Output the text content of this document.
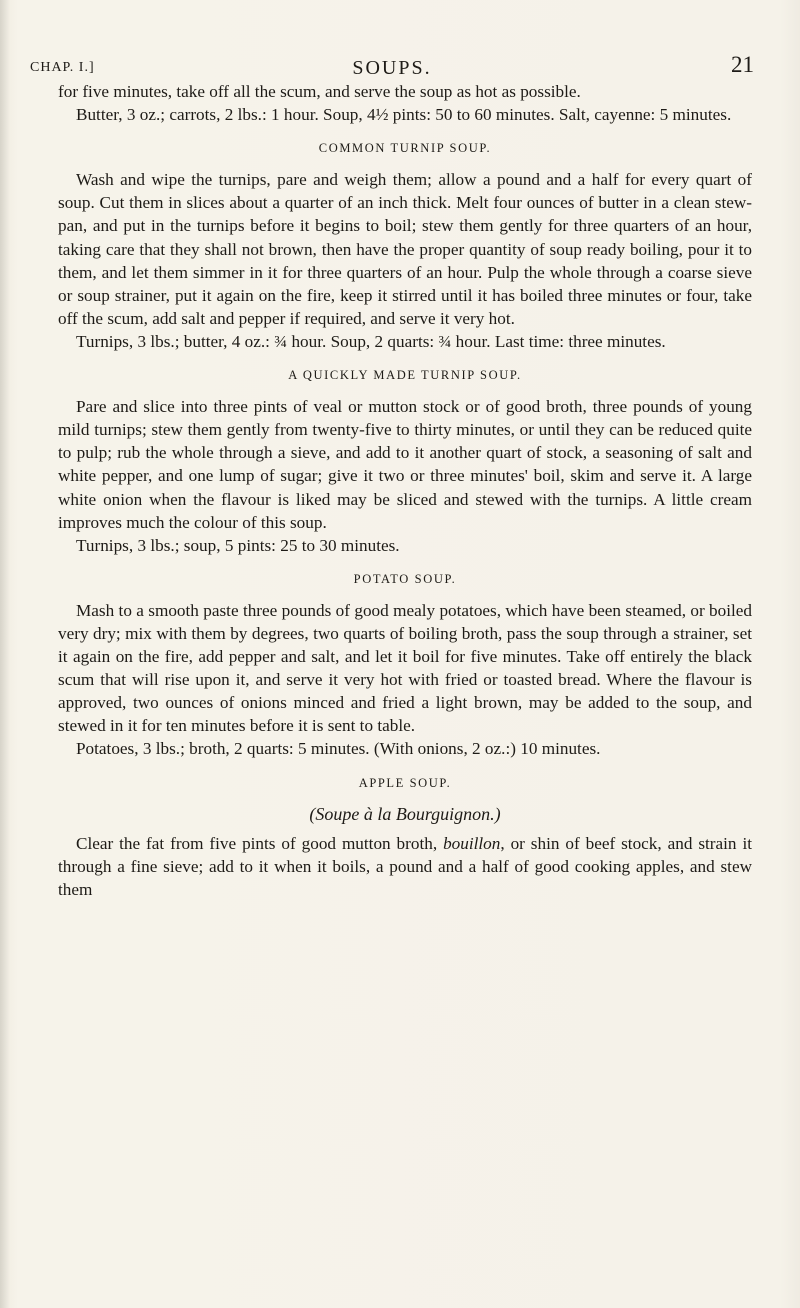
CHAP. I.]	SOUPS.	21

for five minutes, take off all the scum, and serve the soup as hot as possible.

Butter, 3 oz.; carrots, 2 lbs.: 1 hour. Soup, 4½ pints: 50 to 60 minutes. Salt, cayenne: 5 minutes.

COMMON TURNIP SOUP.

Wash and wipe the turnips, pare and weigh them; allow a pound and a half for every quart of soup. Cut them in slices about a quarter of an inch thick. Melt four ounces of butter in a clean stew-pan, and put in the turnips before it begins to boil; stew them gently for three quarters of an hour, taking care that they shall not brown, then have the proper quantity of soup ready boiling, pour it to them, and let them simmer in it for three quarters of an hour. Pulp the whole through a coarse sieve or soup strainer, put it again on the fire, keep it stirred until it has boiled three minutes or four, take off the scum, add salt and pepper if required, and serve it very hot.

Turnips, 3 lbs.; butter, 4 oz.: ¾ hour. Soup, 2 quarts: ¾ hour. Last time: three minutes.

A QUICKLY MADE TURNIP SOUP.

Pare and slice into three pints of veal or mutton stock or of good broth, three pounds of young mild turnips; stew them gently from twenty-five to thirty minutes, or until they can be reduced quite to pulp; rub the whole through a sieve, and add to it another quart of stock, a seasoning of salt and white pepper, and one lump of sugar; give it two or three minutes' boil, skim and serve it. A large white onion when the flavour is liked may be sliced and stewed with the turnips. A little cream improves much the colour of this soup.

Turnips, 3 lbs.; soup, 5 pints: 25 to 30 minutes.

POTATO SOUP.

Mash to a smooth paste three pounds of good mealy potatoes, which have been steamed, or boiled very dry; mix with them by degrees, two quarts of boiling broth, pass the soup through a strainer, set it again on the fire, add pepper and salt, and let it boil for five minutes. Take off entirely the black scum that will rise upon it, and serve it very hot with fried or toasted bread. Where the flavour is approved, two ounces of onions minced and fried a light brown, may be added to the soup, and stewed in it for ten minutes before it is sent to table.

Potatoes, 3 lbs.; broth, 2 quarts: 5 minutes. (With onions, 2 oz.:) 10 minutes.

APPLE SOUP.
(Soupe à la Bourguignon.)

Clear the fat from five pints of good mutton broth, bouillon, or shin of beef stock, and strain it through a fine sieve; add to it when it boils, a pound and a half of good cooking apples, and stew them
